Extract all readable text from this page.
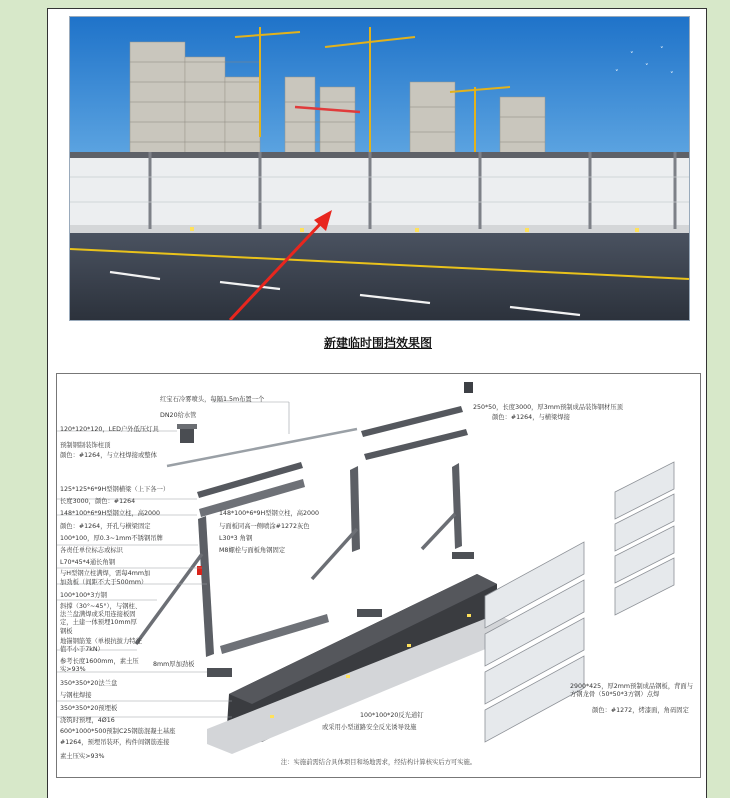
˅
˅
˅
˅
˅
新建临时围挡效果图
红宝石冷雾喷头，每隔1.5m布置一个
DN20给水管
120*120*120，LED户外低压灯具
预制钢制装饰柱顶
颜色：#1264，与立柱焊接或整体
250*50，长度3000，厚3mm预制成品装饰钢材压顶
颜色：#1264，与横梁焊接
125*125*6*9H型钢横梁（上下各一）
长度3000，颜色：#1264
148*100*6*9H型钢立柱，高2000
颜色：#1264，开孔与横梁固定
100*100，厚0.3~1mm不锈钢吊牌
各责任单位标志或标识
L70*45*4通长角钢
与H型钢立柱满焊，需每4mm加
加劲板（间距不大于500mm）
100*100*3方钢
斜撑（30°~45°），与钢柱、法兰盘满焊或采用连接板固定，土建一体预埋10mm厚钢板
地锚钢筋笼（单根抗拔力特征值不小于7kN）
参考长度1600mm，素土压实>93%
350*350*20法兰盘
与钢柱焊接
350*350*20预埋板
浇筑时预埋，4Ø16
600*1000*500预制C25钢筋混凝土基座
#1264，预埋吊装环，构件间钢筋连接
素土压实>93%
148*100*6*9H型钢立柱，高2000
与面板同高一侧喷涂#1272灰色
L30*3 角钢
M8螺栓与面板角钢固定
8mm厚加劲板
100*100*20反光道钉
或采用小型道路安全反光诱导设施
2900*425，厚2mm预制成品钢板，背面与方钢龙骨（50*50*3方钢）点焊
颜色：#1272，烤漆面，角码固定
注：实施前需结合具体项目和场地需求，经结构计算核实后方可实施。
